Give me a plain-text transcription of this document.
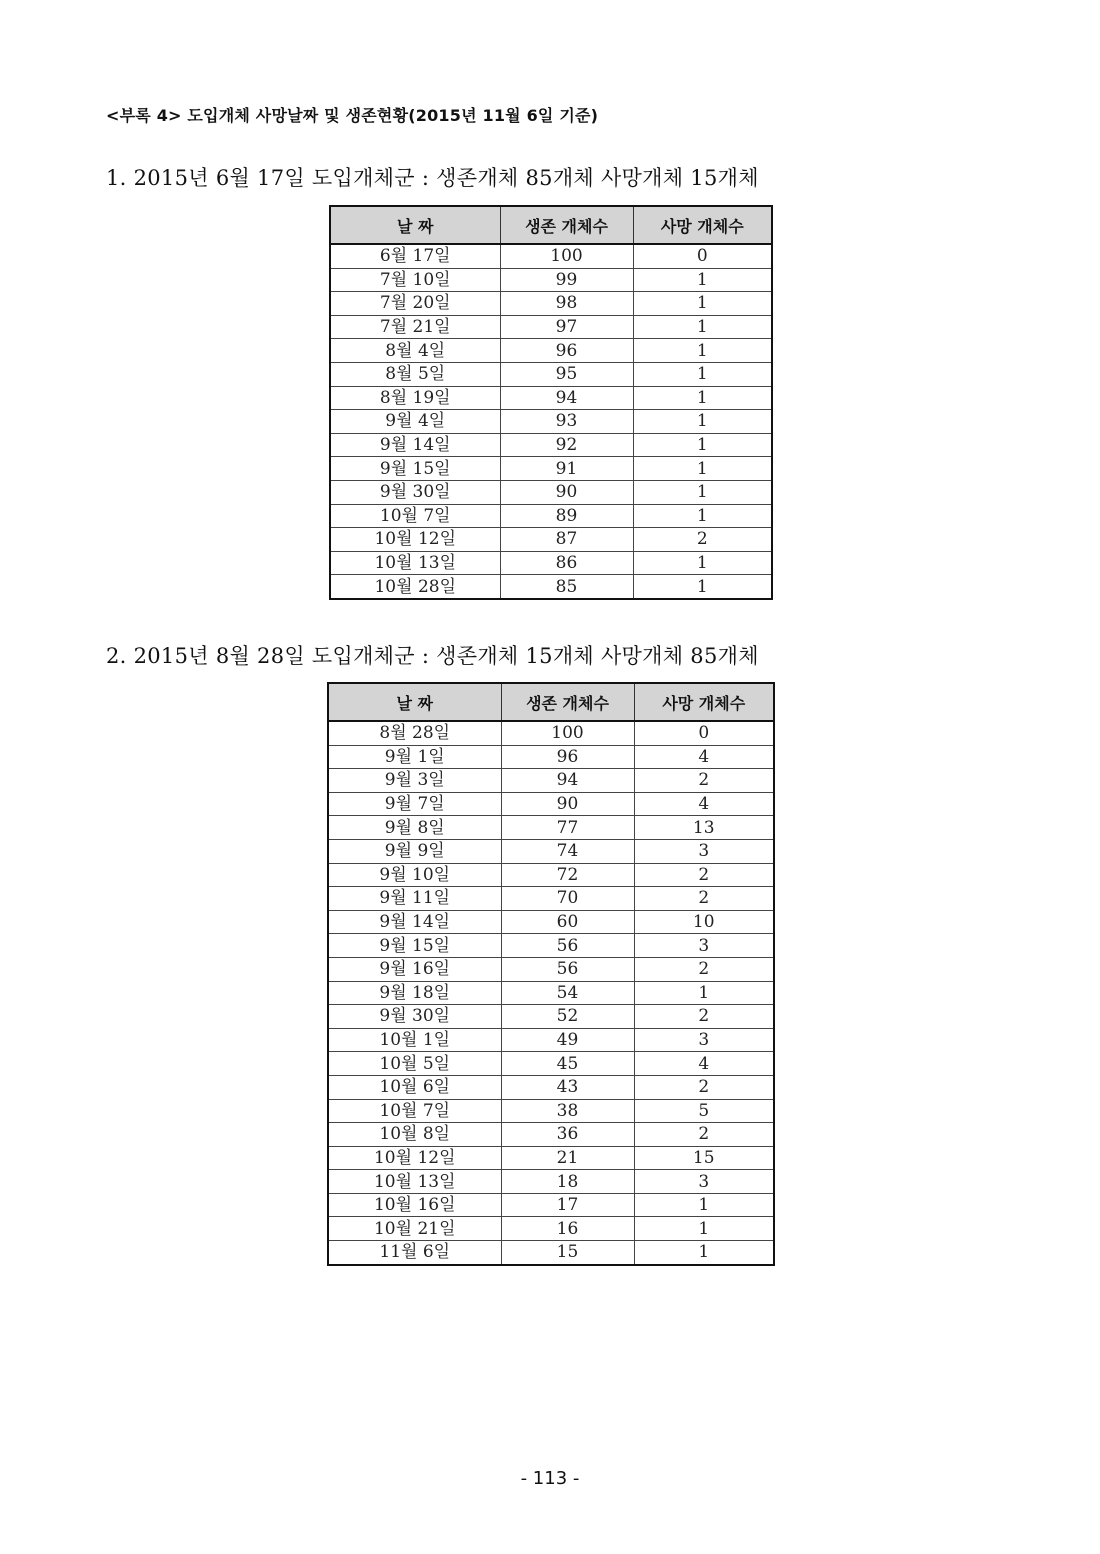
<부록 4> 도입개체 사망날짜 및 생존현황(2015년 11월 6일 기준)
1. 2015년 6월 17일 도입개체군 : 생존개체 85개체 사망개체 15개체
날 짜	생존 개체수	사망 개체수
6월 17일	100	0
7월 10일	99	1
7월 20일	98	1
7월 21일	97	1
8월 4일	96	1
8월 5일	95	1
8월 19일	94	1
9월 4일	93	1
9월 14일	92	1
9월 15일	91	1
9월 30일	90	1
10월 7일	89	1
10월 12일	87	2
10월 13일	86	1
10월 28일	85	1
2. 2015년 8월 28일 도입개체군 : 생존개체 15개체 사망개체 85개체
날 짜	생존 개체수	사망 개체수
8월 28일	100	0
9월 1일	96	4
9월 3일	94	2
9월 7일	90	4
9월 8일	77	13
9월 9일	74	3
9월 10일	72	2
9월 11일	70	2
9월 14일	60	10
9월 15일	56	3
9월 16일	56	2
9월 18일	54	1
9월 30일	52	2
10월 1일	49	3
10월 5일	45	4
10월 6일	43	2
10월 7일	38	5
10월 8일	36	2
10월 12일	21	15
10월 13일	18	3
10월 16일	17	1
10월 21일	16	1
11월 6일	15	1
- 113 -
